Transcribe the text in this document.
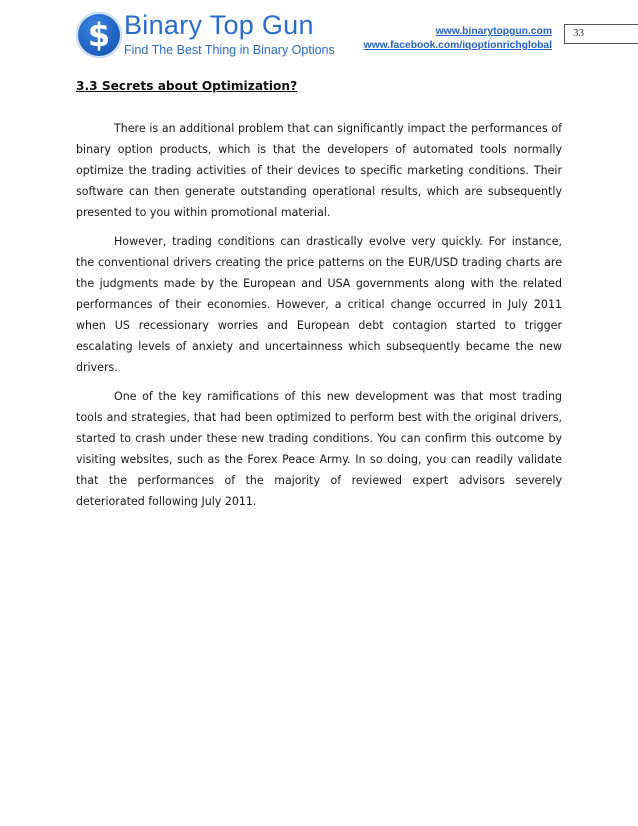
$ Binary Top Gun
Find The Best Thing in Binary Options
www.binarytopgun.com
www.facebook.com/iqoptionrichglobal
33
3.3 Secrets about Optimization?

There is an additional problem that can significantly impact the performances of binary option products, which is that the developers of automated tools normally optimize the trading activities of their devices to specific marketing conditions. Their software can then generate outstanding operational results, which are subsequently presented to you within promotional material.

However, trading conditions can drastically evolve very quickly. For instance, the conventional drivers creating the price patterns on the EUR/USD trading charts are the judgments made by the European and USA governments along with the related performances of their economies. However, a critical change occurred in July 2011 when US recessionary worries and European debt contagion started to trigger escalating levels of anxiety and uncertainness which subsequently became the new drivers.

One of the key ramifications of this new development was that most trading tools and strategies, that had been optimized to perform best with the original drivers, started to crash under these new trading conditions. You can confirm this outcome by visiting websites, such as the Forex Peace Army. In so doing, you can readily validate that the performances of the majority of reviewed expert advisors severely deteriorated following July 2011.
